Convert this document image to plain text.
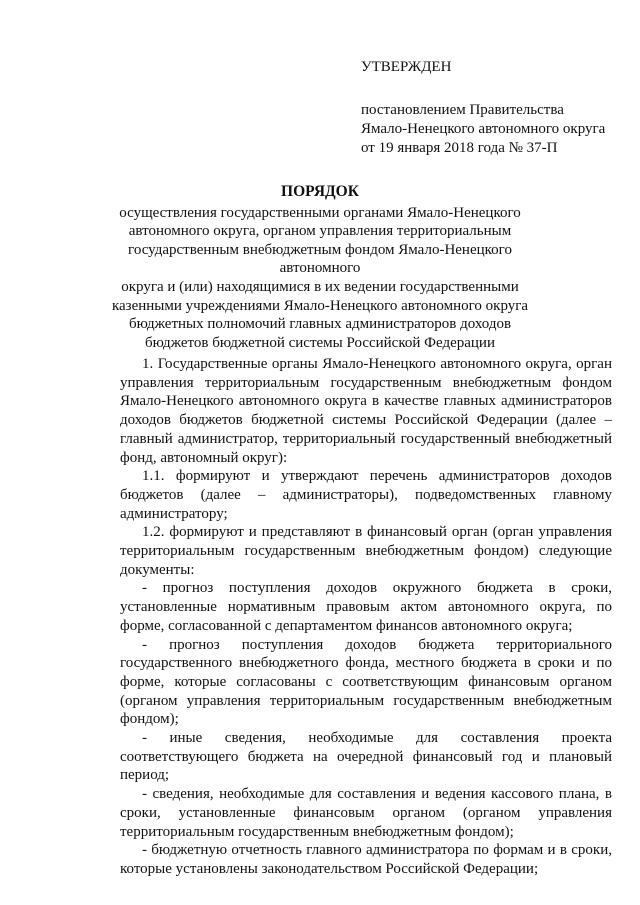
УТВЕРЖДЕН

постановлением Правительства

Ямало-Ненецкого автономного округа

от 19 января 2018 года № 37-П

ПОРЯДОК
осуществления государственными органами Ямало-Ненецкого
автономного округа, органом управления территориальным
государственным внебюджетным фондом Ямало-Ненецкого автономного
округа и (или) находящимися в их ведении государственными
казенными учреждениями Ямало-Ненецкого автономного округа
бюджетных полномочий главных администраторов доходов
бюджетов бюджетной системы Российской Федерации

1. Государственные органы Ямало-Ненецкого автономного округа, орган управления территориальным государственным внебюджетным фондом Ямало-Ненецкого автономного округа в качестве главных администраторов доходов бюджетов бюджетной системы Российской Федерации (далее – главный администратор, территориальный государственный внебюджетный фонд, автономный округ):

1.1. формируют и утверждают перечень администраторов доходов бюджетов (далее – администраторы), подведомственных главному администратору;

1.2. формируют и представляют в финансовый орган (орган управления территориальным государственным внебюджетным фондом) следующие документы:

- прогноз поступления доходов окружного бюджета в сроки, установленные нормативным правовым актом автономного округа, по форме, согласованной с департаментом финансов автономного округа;

- прогноз поступления доходов бюджета территориального государственного внебюджетного фонда, местного бюджета в сроки и по форме, которые согласованы с соответствующим финансовым органом (органом управления территориальным государственным внебюджетным фондом);

- иные сведения, необходимые для составления проекта соответствующего бюджета на очередной финансовый год и плановый период;

- сведения, необходимые для составления и ведения кассового плана, в сроки, установленные финансовым органом (органом управления территориальным государственным внебюджетным фондом);

- бюджетную отчетность главного администратора по формам и в сроки, которые установлены законодательством Российской Федерации;
